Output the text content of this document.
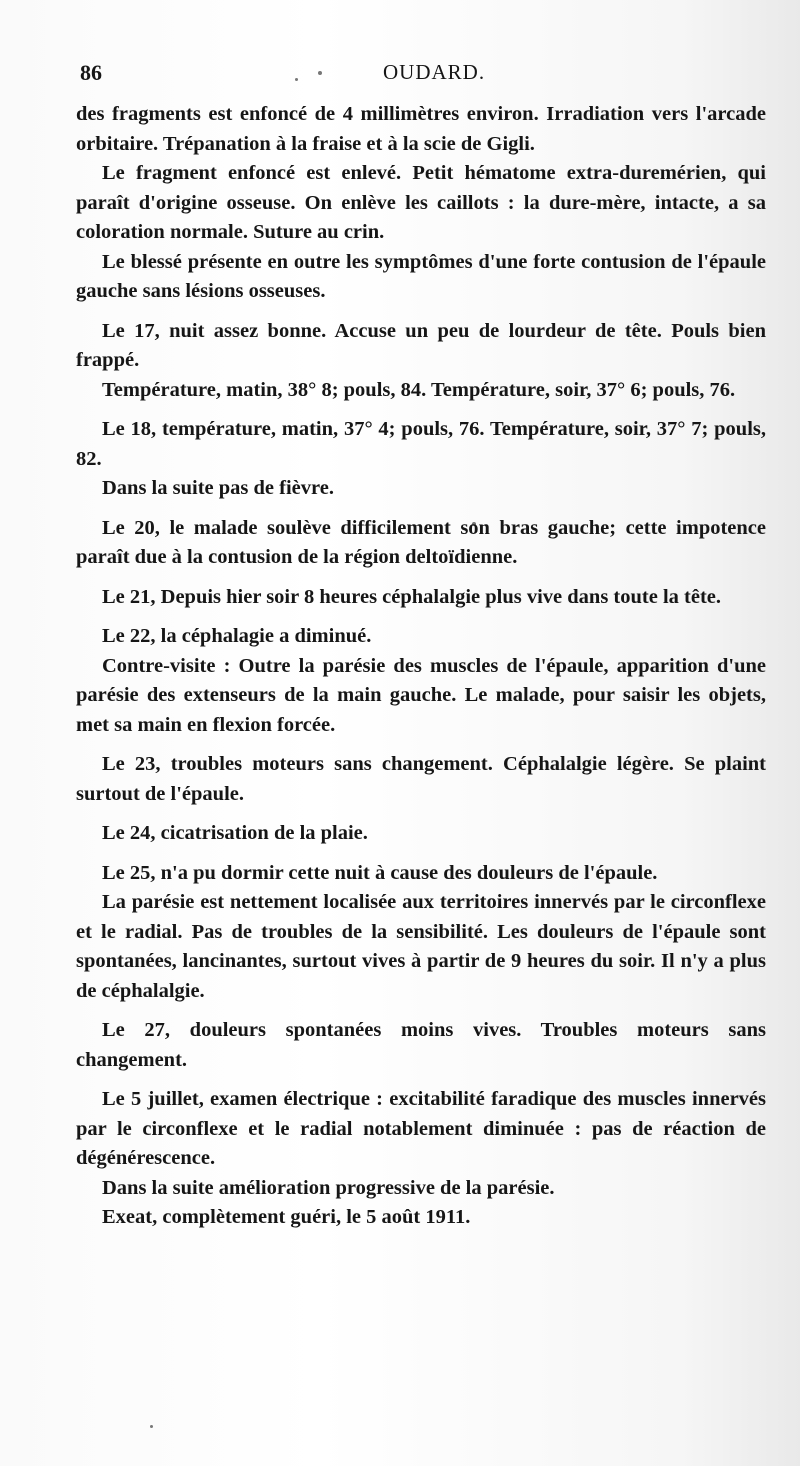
86	OUDARD.

des fragments est enfoncé de 4 millimètres environ. Irradiation vers l'arcade orbitaire. Trépanation à la fraise et à la scie de Gigli.

Le fragment enfoncé est enlevé. Petit hématome extra-duremérien, qui paraît d'origine osseuse. On enlève les caillots : la dure-mère, intacte, a sa coloration normale. Suture au crin.

Le blessé présente en outre les symptômes d'une forte contusion de l'épaule gauche sans lésions osseuses.

Le 17, nuit assez bonne. Accuse un peu de lourdeur de tête. Pouls bien frappé.

Température, matin, 38° 8; pouls, 84. Température, soir, 37° 6; pouls, 76.

Le 18, température, matin, 37° 4; pouls, 76. Température, soir, 37° 7; pouls, 82.

Dans la suite pas de fièvre.

Le 20, le malade soulève difficilement son bras gauche; cette impotence paraît due à la contusion de la région deltoïdienne.

Le 21, Depuis hier soir 8 heures céphalalgie plus vive dans toute la tête.

Le 22, la céphalagie a diminué.

Contre-visite : Outre la parésie des muscles de l'épaule, apparition d'une parésie des extenseurs de la main gauche. Le malade, pour saisir les objets, met sa main en flexion forcée.

Le 23, troubles moteurs sans changement. Céphalalgie légère. Se plaint surtout de l'épaule.

Le 24, cicatrisation de la plaie.

Le 25, n'a pu dormir cette nuit à cause des douleurs de l'épaule.

La parésie est nettement localisée aux territoires innervés par le circonflexe et le radial. Pas de troubles de la sensibilité. Les douleurs de l'épaule sont spontanées, lancinantes, surtout vives à partir de 9 heures du soir. Il n'y a plus de céphalalgie.

Le 27, douleurs spontanées moins vives. Troubles moteurs sans changement.

Le 5 juillet, examen électrique : excitabilité faradique des muscles innervés par le circonflexe et le radial notablement diminuée : pas de réaction de dégénérescence.

Dans la suite amélioration progressive de la parésie.

Exeat, complètement guéri, le 5 août 1911.
